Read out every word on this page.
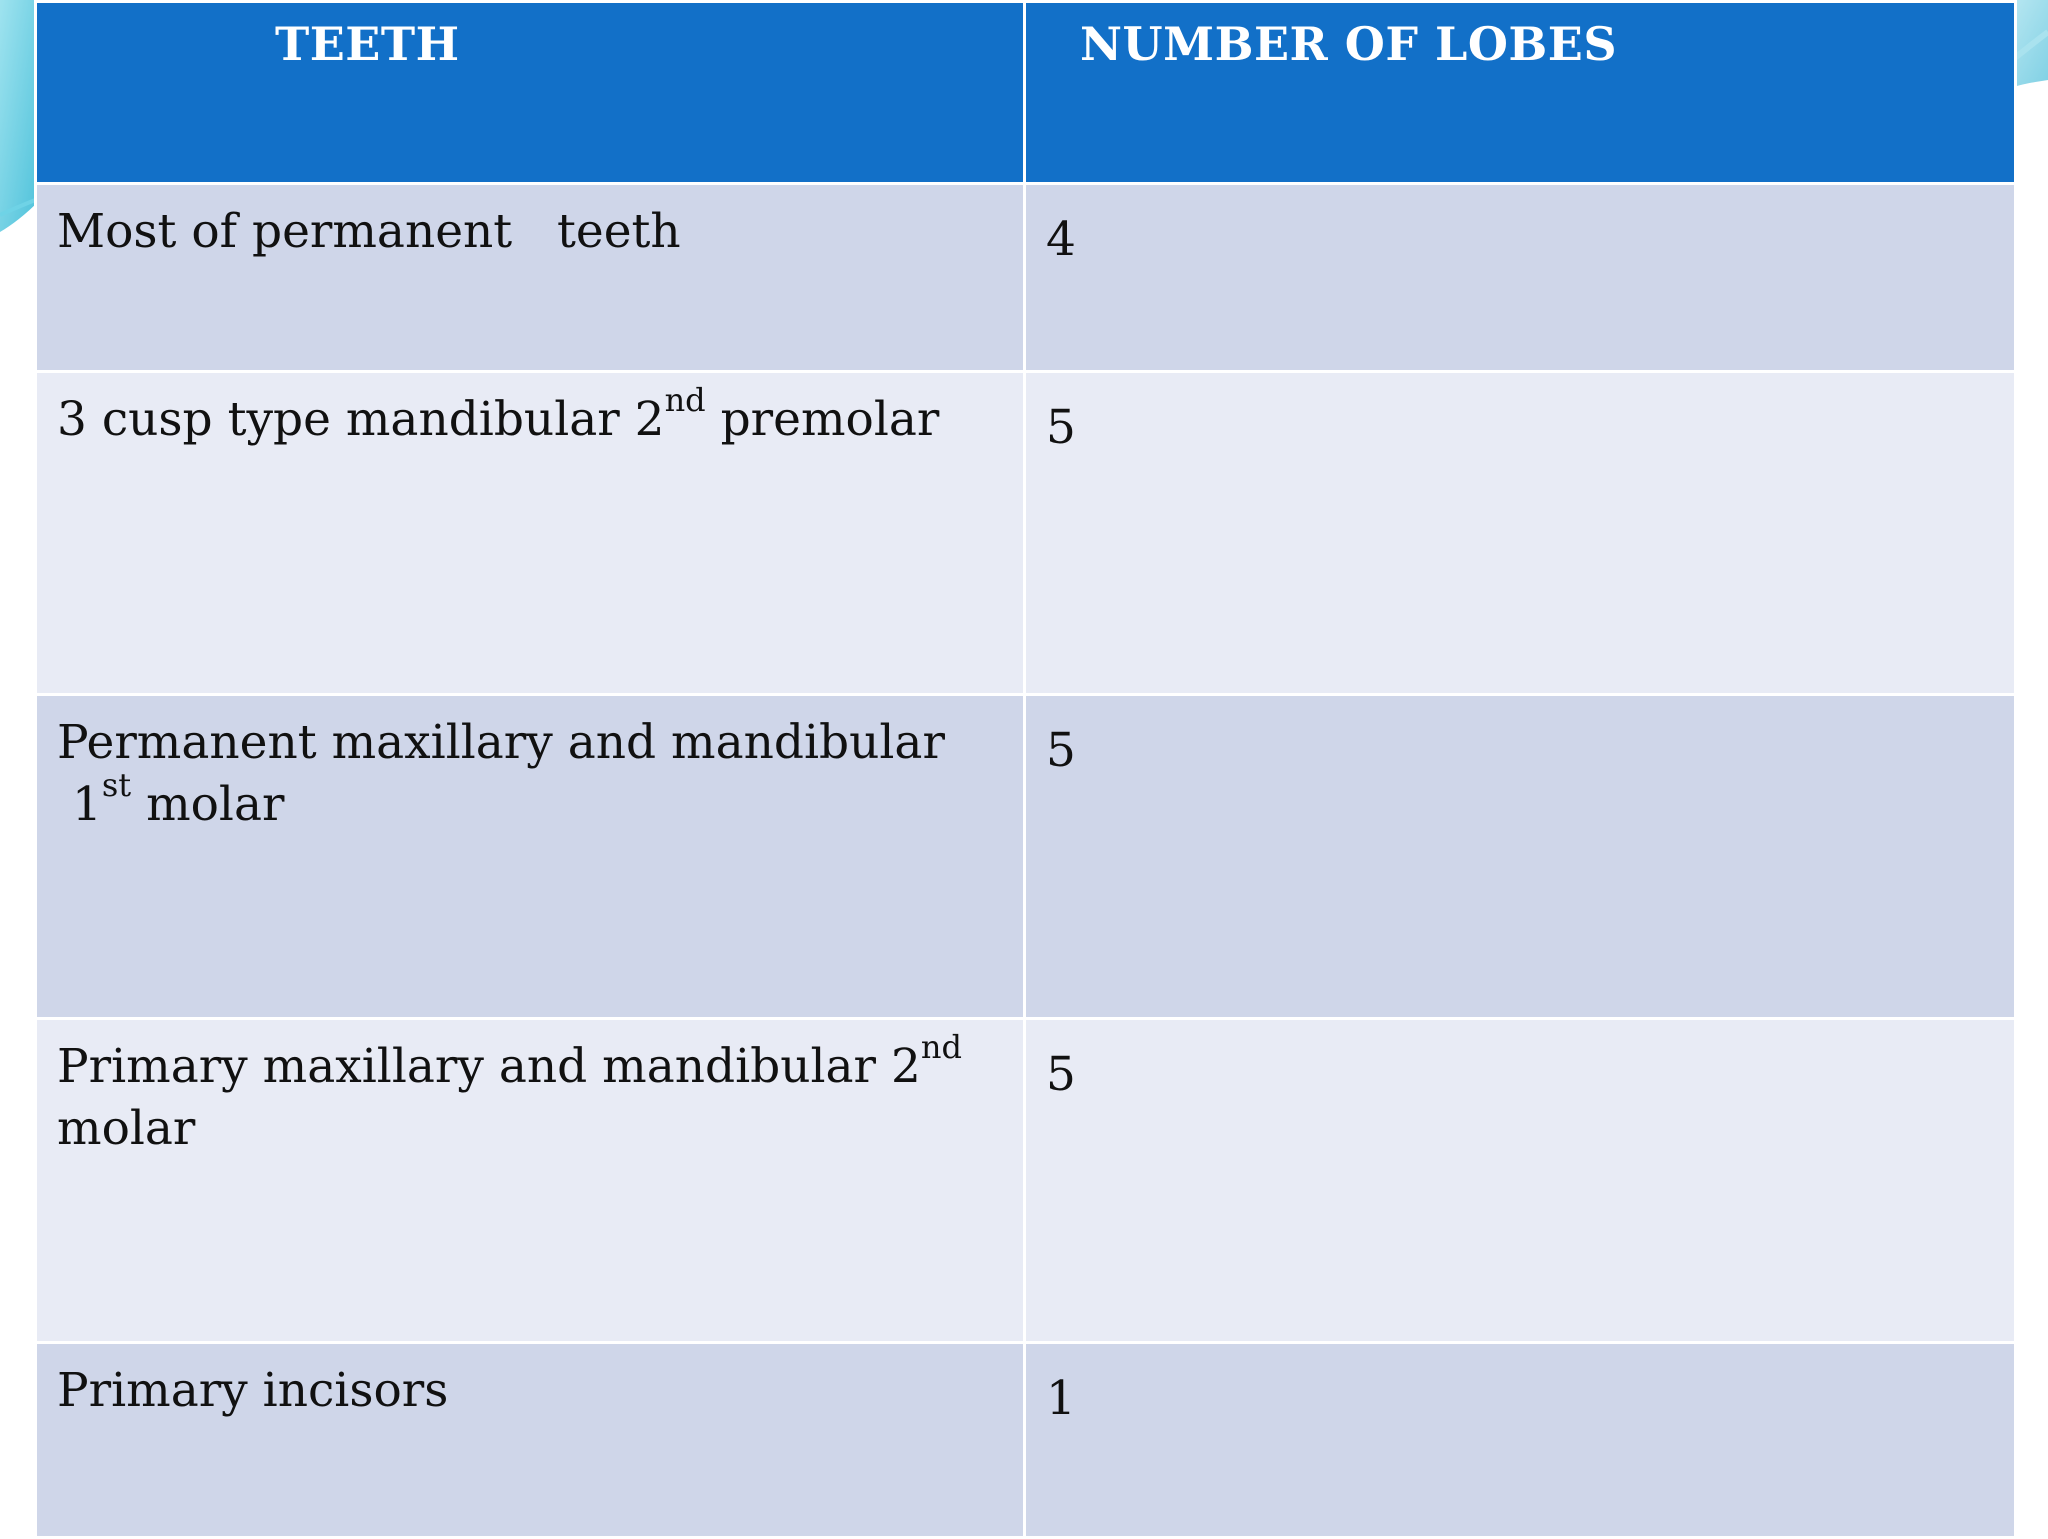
TEETH	NUMBER OF LOBES
Most of permanent   teeth	4
3 cusp type mandibular 2nd premolar	5
Permanent maxillary and mandibular  1st molar	5
Primary maxillary and mandibular 2nd molar	5
Primary incisors	1
